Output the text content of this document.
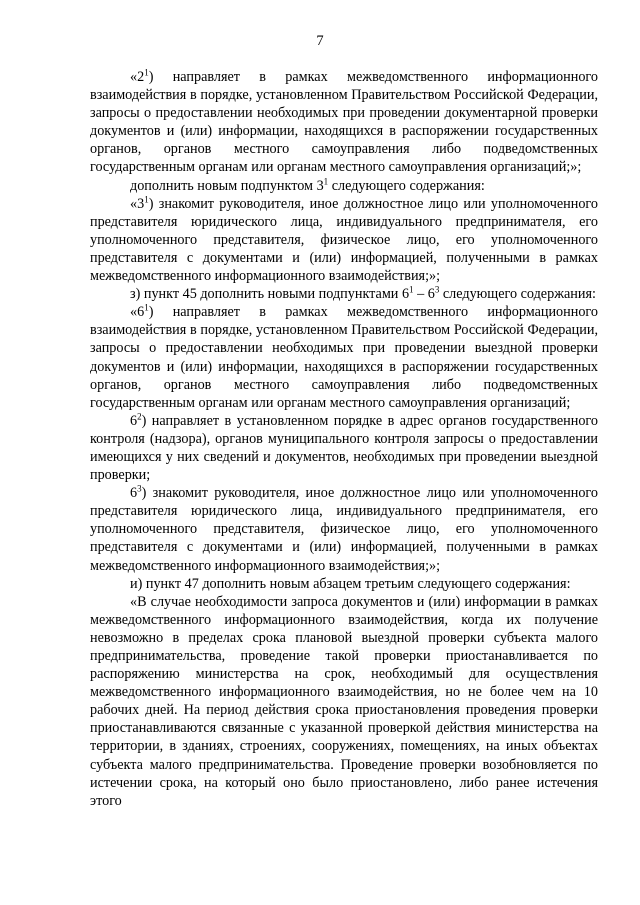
7

«$2^1$) направляет в рамках межведомственного информационного взаимодействия в порядке, установленном Правительством Российской Федерации, запросы о предоставлении необходимых при проведении документарной проверки документов и (или) информации, находящихся в распоряжении государственных органов, органов местного самоуправления либо подведомственных государственным органам или органам местного самоуправления организаций;»;

дополнить новым подпунктом $3^1$ следующего содержания:

«$3^1$) знакомит руководителя, иное должностное лицо или уполномоченного представителя юридического лица, индивидуального предпринимателя, его уполномоченного представителя, физическое лицо, его уполномоченного представителя с документами и (или) информацией, полученными в рамках межведомственного информационного взаимодействия;»;

з) пункт 45 дополнить новыми подпунктами $6^1 - 6^3$ следующего содержания:

«$6^1$) направляет в рамках межведомственного информационного взаимодействия в порядке, установленном Правительством Российской Федерации, запросы о предоставлении необходимых при проведении выездной проверки документов и (или) информации, находящихся в распоряжении государственных органов, органов местного самоуправления либо подведомственных государственным органам или органам местного самоуправления организаций;

$6^2$) направляет в установленном порядке в адрес органов государственного контроля (надзора), органов муниципального контроля запросы о предоставлении имеющихся у них сведений и документов, необходимых при проведении выездной проверки;

$6^3$) знакомит руководителя, иное должностное лицо или уполномоченного представителя юридического лица, индивидуального предпринимателя, его уполномоченного представителя, физическое лицо, его уполномоченного представителя с документами и (или) информацией, полученными в рамках межведомственного информационного взаимодействия;»;

и) пункт 47 дополнить новым абзацем третьим следующего содержания:

«В случае необходимости запроса документов и (или) информации в рамках межведомственного информационного взаимодействия, когда их получение невозможно в пределах срока плановой выездной проверки субъекта малого предпринимательства, проведение такой проверки приостанавливается по распоряжению министерства на срок, необходимый для осуществления межведомственного информационного взаимодействия, но не более чем на 10 рабочих дней. На период действия срока приостановления проведения проверки приостанавливаются связанные с указанной проверкой действия министерства на территории, в зданиях, строениях, сооружениях, помещениях, на иных объектах субъекта малого предпринимательства. Проведение проверки возобновляется по истечении срока, на который оно было приостановлено, либо ранее истечения этого
